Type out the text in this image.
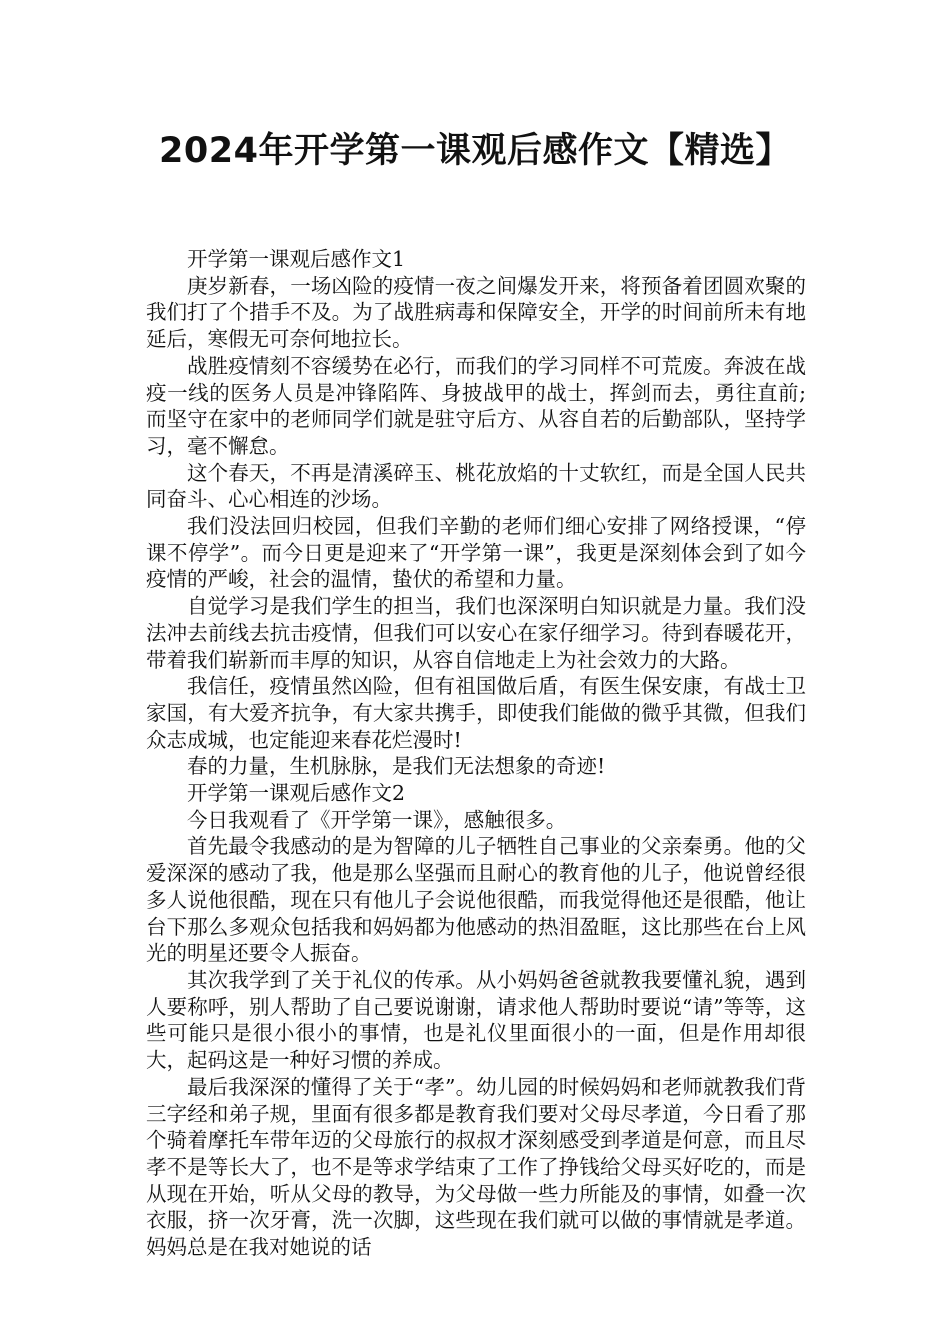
2024年开学第一课观后感作文【精选】

开学第一课观后感作文1

庚岁新春，一场凶险的疫情一夜之间爆发开来，将预备着团圆欢聚的我们打了个措手不及。为了战胜病毒和保障安全，开学的时间前所未有地延后，寒假无可奈何地拉长。

战胜疫情刻不容缓势在必行，而我们的学习同样不可荒废。奔波在战疫一线的医务人员是冲锋陷阵、身披战甲的战士，挥剑而去，勇往直前;而坚守在家中的老师同学们就是驻守后方、从容自若的后勤部队，坚持学习，毫不懈怠。

这个春天，不再是清溪碎玉、桃花放焰的十丈软红，而是全国人民共同奋斗、心心相连的沙场。

我们没法回归校园，但我们辛勤的老师们细心安排了网络授课，“停课不停学”。而今日更是迎来了“开学第一课”，我更是深刻体会到了如今疫情的严峻，社会的温情，蛰伏的希望和力量。

自觉学习是我们学生的担当，我们也深深明白知识就是力量。我们没法冲去前线去抗击疫情，但我们可以安心在家仔细学习。待到春暖花开，带着我们崭新而丰厚的知识，从容自信地走上为社会效力的大路。

我信任，疫情虽然凶险，但有祖国做后盾，有医生保安康，有战士卫家国，有大爱齐抗争，有大家共携手，即使我们能做的微乎其微，但我们众志成城，也定能迎来春花烂漫时!

春的力量，生机脉脉，是我们无法想象的奇迹!

开学第一课观后感作文2

今日我观看了《开学第一课》，感触很多。

首先最令我感动的是为智障的儿子牺牲自己事业的父亲秦勇。他的父爱深深的感动了我，他是那么坚强而且耐心的教育他的儿子，他说曾经很多人说他很酷，现在只有他儿子会说他很酷，而我觉得他还是很酷，他让台下那么多观众包括我和妈妈都为他感动的热泪盈眶，这比那些在台上风光的明星还要令人振奋。

其次我学到了关于礼仪的传承。从小妈妈爸爸就教我要懂礼貌，遇到人要称呼，别人帮助了自己要说谢谢，请求他人帮助时要说“请”等等，这些可能只是很小很小的事情，也是礼仪里面很小的一面，但是作用却很大，起码这是一种好习惯的养成。

最后我深深的懂得了关于“孝”。幼儿园的时候妈妈和老师就教我们背三字经和弟子规，里面有很多都是教育我们要对父母尽孝道，今日看了那个骑着摩托车带年迈的父母旅行的叔叔才深刻感受到孝道是何意，而且尽孝不是等长大了，也不是等求学结束了工作了挣钱给父母买好吃的，而是从现在开始，听从父母的教导，为父母做一些力所能及的事情，如叠一次衣服，挤一次牙膏，洗一次脚，这些现在我们就可以做的事情就是孝道。妈妈总是在我对她说的话
